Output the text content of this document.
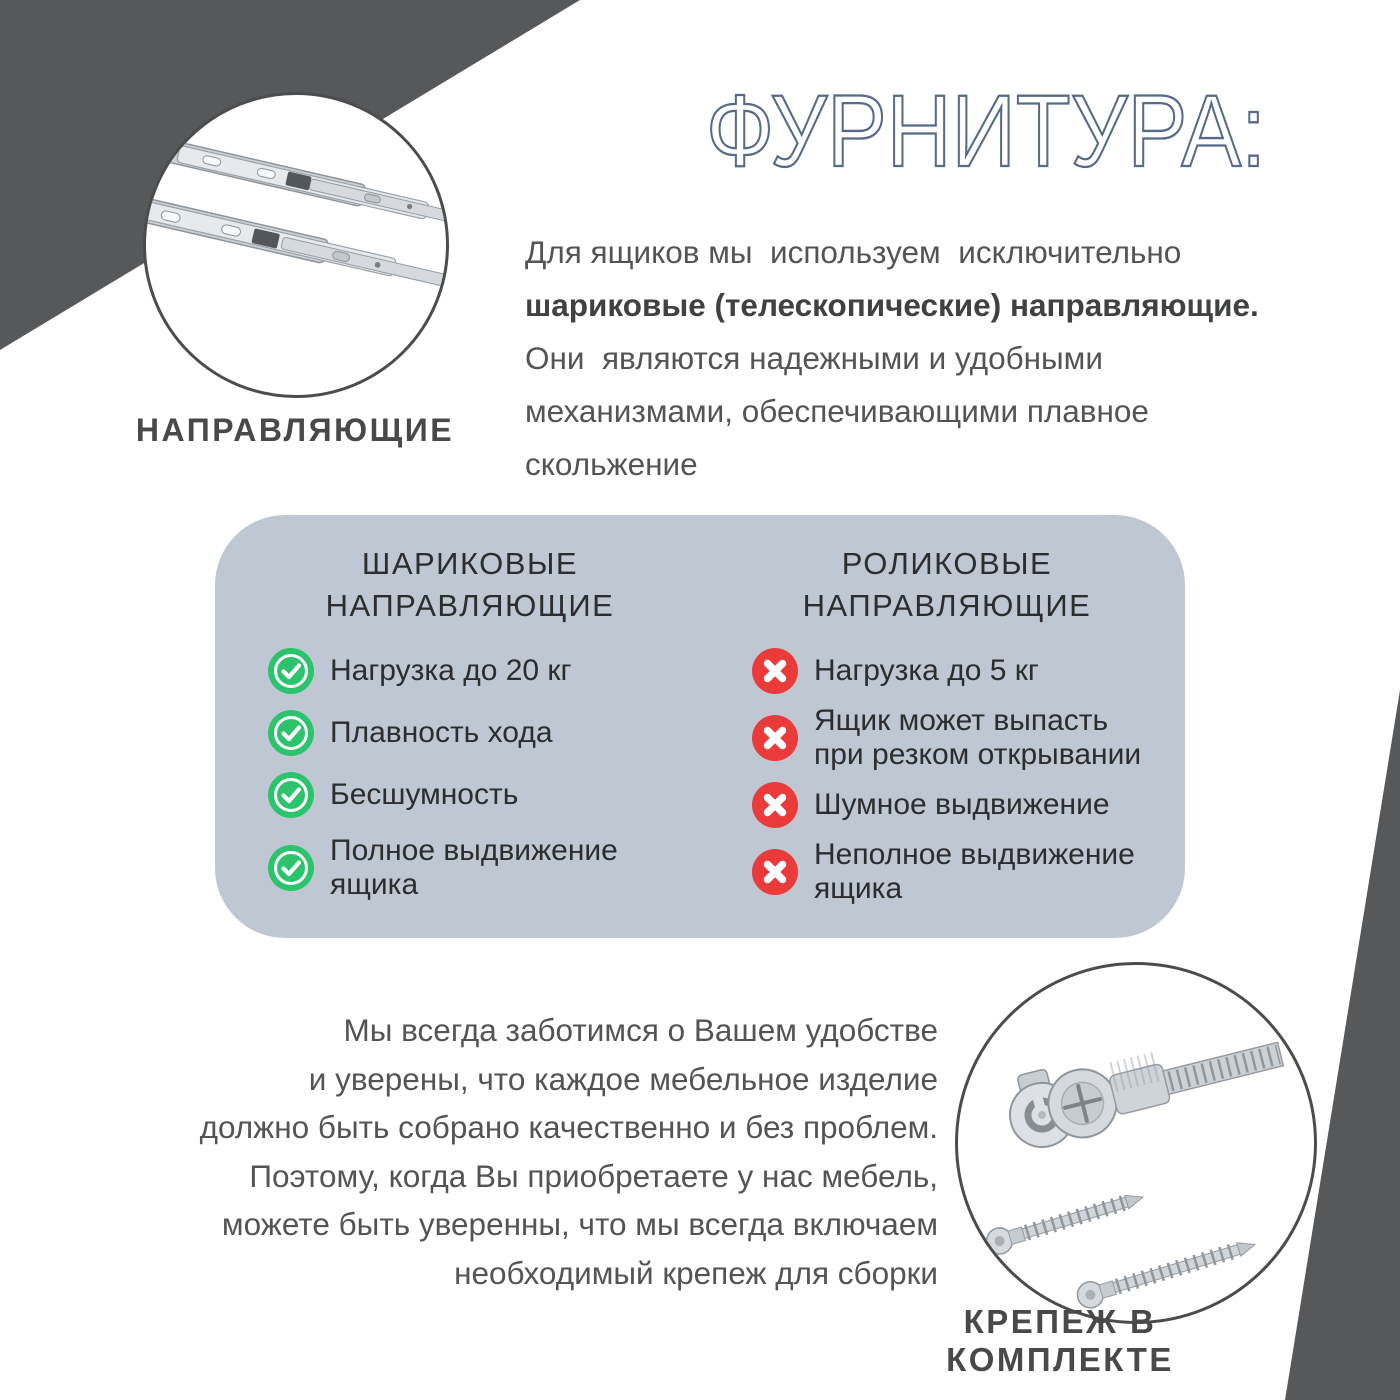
ФУРНИТУРА:
НАПРАВЛЯЮЩИЕ
Для ящиков мы  используем  исключительно
шариковые (телескопические) направляющие.
Они  являются надежными и удобными
механизмами, обеспечивающими плавное
скольжение
ШАРИКОВЫЕ
НАПРАВЛЯЮЩИЕ
РОЛИКОВЫЕ
НАПРАВЛЯЮЩИЕ
Нагрузка до 20 кг
Плавность хода
Бесшумность
Полное выдвижение
ящика
Нагрузка до 5 кг
Ящик может выпасть
при резком открывании
Шумное выдвижение
Неполное выдвижение
ящика
Мы всегда заботимся о Вашем удобстве
и уверены, что каждое мебельное изделие
должно быть собрано качественно и без проблем.
Поэтому, когда Вы приобретаете у нас мебель,
можете быть уверенны, что мы всегда включаем
необходимый крепеж для сборки
КРЕПЕЖ В КОМПЛЕКТЕ
